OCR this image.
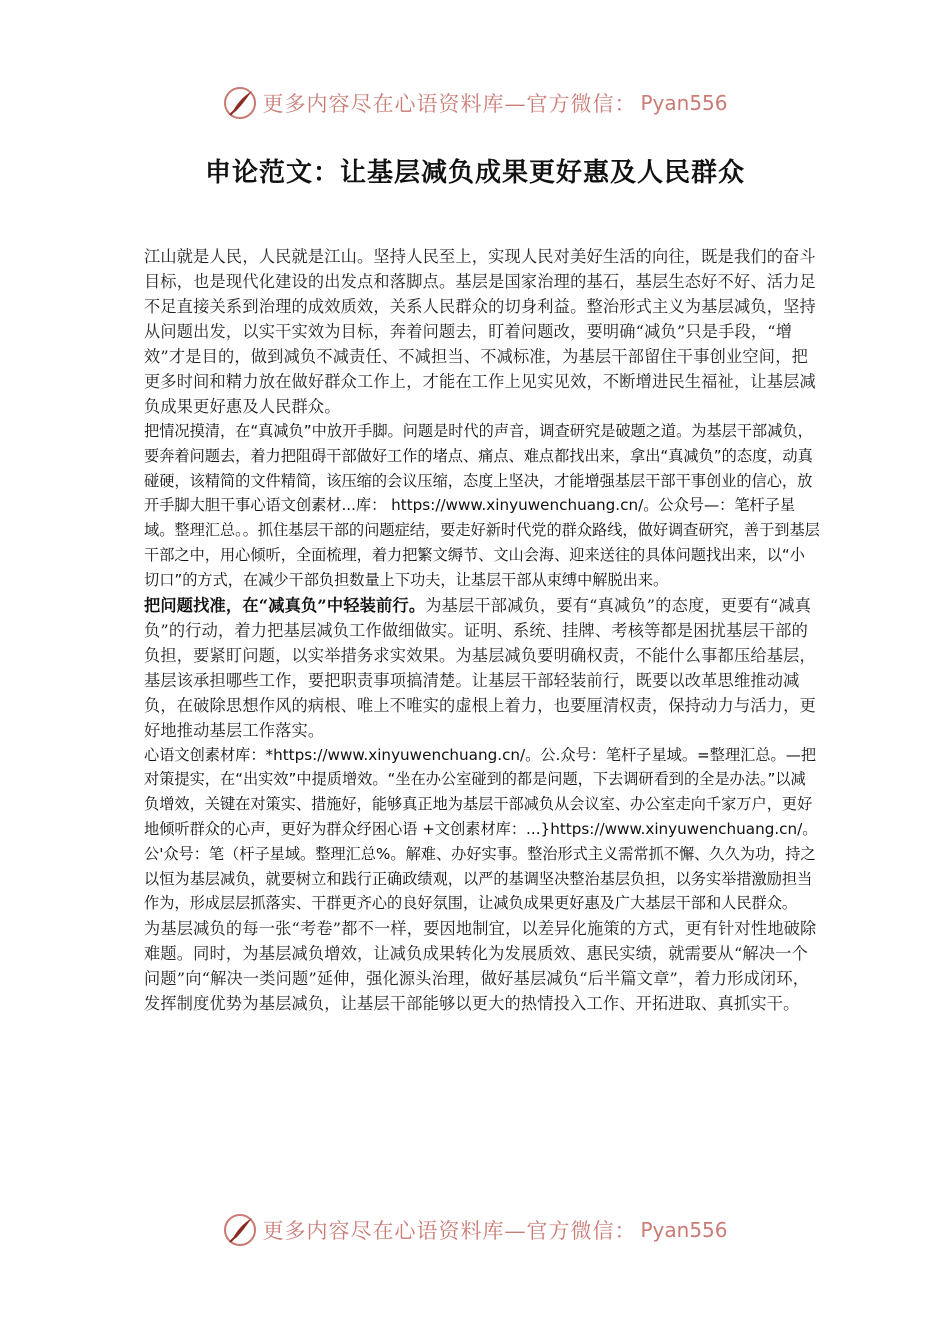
更多内容尽在心语资料库—官方微信： Pyan556
申论范文：让基层减负成果更好惠及人民群众

江山就是人民，人民就是江山。坚持人民至上，实现人民对美好生活的向往，既是我们的奋斗目标，也是现代化建设的出发点和落脚点。基层是国家治理的基石，基层生态好不好、活力足不足直接关系到治理的成效质效，关系人民群众的切身利益。整治形式主义为基层减负，坚持从问题出发，以实干实效为目标，奔着问题去，盯着问题改，要明确“减负”只是手段，“增效”才是目的，做到减负不减责任、不减担当、不减标准，为基层干部留住干事创业空间，把更多时间和精力放在做好群众工作上，才能在工作上见实见效，不断增进民生福祉，让基层减负成果更好惠及人民群众。

把情况摸清，在“真减负”中放开手脚。问题是时代的声音，调查研究是破题之道。为基层干部减负，要奔着问题去，着力把阻碍干部做好工作的堵点、痛点、难点都找出来，拿出“真减负”的态度，动真碰硬，该精简的文件精简，该压缩的会议压缩，态度上坚决，才能增强基层干部干事创业的信心，放开手脚大胆干事心语文创素材...库： https://www.xinyuwenchuang.cn/。公众号—：笔杆子星域。整理汇总。。抓住基层干部的问题症结，要走好新时代党的群众路线，做好调查研究，善于到基层干部之中，用心倾听，全面梳理，着力把繁文缛节、文山会海、迎来送往的具体问题找出来，以“小切口”的方式，在减少干部负担数量上下功夫，让基层干部从束缚中解脱出来。

把问题找准，在“减真负”中轻装前行。为基层干部减负，要有“真减负”的态度，更要有“减真负”的行动，着力把基层减负工作做细做实。证明、系统、挂牌、考核等都是困扰基层干部的负担，要紧盯问题，以实举措务求实效果。为基层减负要明确权责，不能什么事都压给基层，基层该承担哪些工作，要把职责事项搞清楚。让基层干部轻装前行，既要以改革思维推动减负，在破除思想作风的病根、唯上不唯实的虚根上着力，也要厘清权责，保持动力与活力，更好地推动基层工作落实。

心语文创素材库：*https://www.xinyuwenchuang.cn/。公.众号：笔杆子星域。=整理汇总。—把对策提实，在“出实效”中提质增效。“坐在办公室碰到的都是问题，下去调研看到的全是办法。”以减负增效，关键在对策实、措施好，能够真正地为基层干部减负从会议室、办公室走向千家万户，更好地倾听群众的心声，更好为群众纾困心语 +文创素材库：...}https://www.xinyuwenchuang.cn/。公'众号：笔（杆子星域。整理汇总%。解难、办好实事。整治形式主义需常抓不懈、久久为功，持之以恒为基层减负，就要树立和践行正确政绩观，以严的基调坚决整治基层负担，以务实举措激励担当作为，形成层层抓落实、干群更齐心的良好氛围，让减负成果更好惠及广大基层干部和人民群众。

为基层减负的每一张“考卷”都不一样，要因地制宜，以差异化施策的方式，更有针对性地破除难题。同时，为基层减负增效，让减负成果转化为发展质效、惠民实绩，就需要从“解决一个问题”向“解决一类问题”延伸，强化源头治理，做好基层减负“后半篇文章”，着力形成闭环，发挥制度优势为基层减负，让基层干部能够以更大的热情投入工作、开拓进取、真抓实干。

更多内容尽在心语资料库—官方微信： Pyan556
